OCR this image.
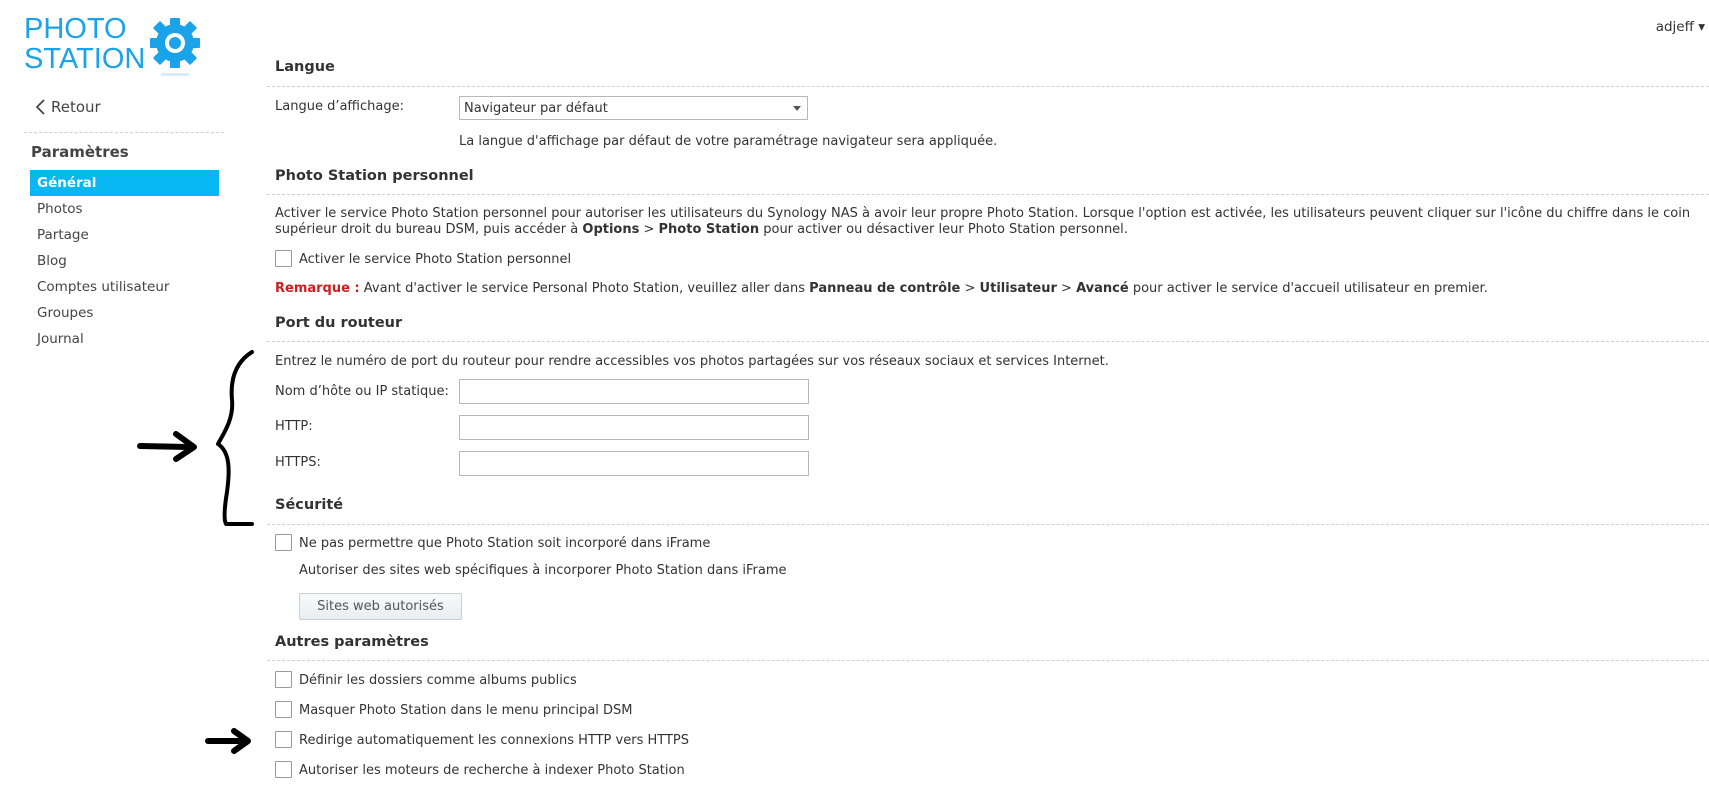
PHOTO
STATION
Retour
Paramètres
Général
Photos
Partage
Blog
Comptes utilisateur
Groupes
Journal
adjeff ▾
Langue
Langue d’affichage:	Navigateur par défaut
La langue d'affichage par défaut de votre paramétrage navigateur sera appliquée.
Photo Station personnel
Activer le service Photo Station personnel pour autoriser les utilisateurs du Synology NAS à avoir leur propre Photo Station. Lorsque l'option est activée, les utilisateurs peuvent cliquer sur l'icône du chiffre dans le coin supérieur droit du bureau DSM, puis accéder à Options > Photo Station pour activer ou désactiver leur Photo Station personnel.
Activer le service Photo Station personnel
Remarque : Avant d'activer le service Personal Photo Station, veuillez aller dans Panneau de contrôle > Utilisateur > Avancé pour activer le service d'accueil utilisateur en premier.
Port du routeur
Entrez le numéro de port du routeur pour rendre accessibles vos photos partagées sur vos réseaux sociaux et services Internet.
Nom d’hôte ou IP statique:
HTTP:
HTTPS:
Sécurité
Ne pas permettre que Photo Station soit incorporé dans iFrame
Autoriser des sites web spécifiques à incorporer Photo Station dans iFrame
Sites web autorisés
Autres paramètres
Définir les dossiers comme albums publics
Masquer Photo Station dans le menu principal DSM
Redirige automatiquement les connexions HTTP vers HTTPS
Autoriser les moteurs de recherche à indexer Photo Station
